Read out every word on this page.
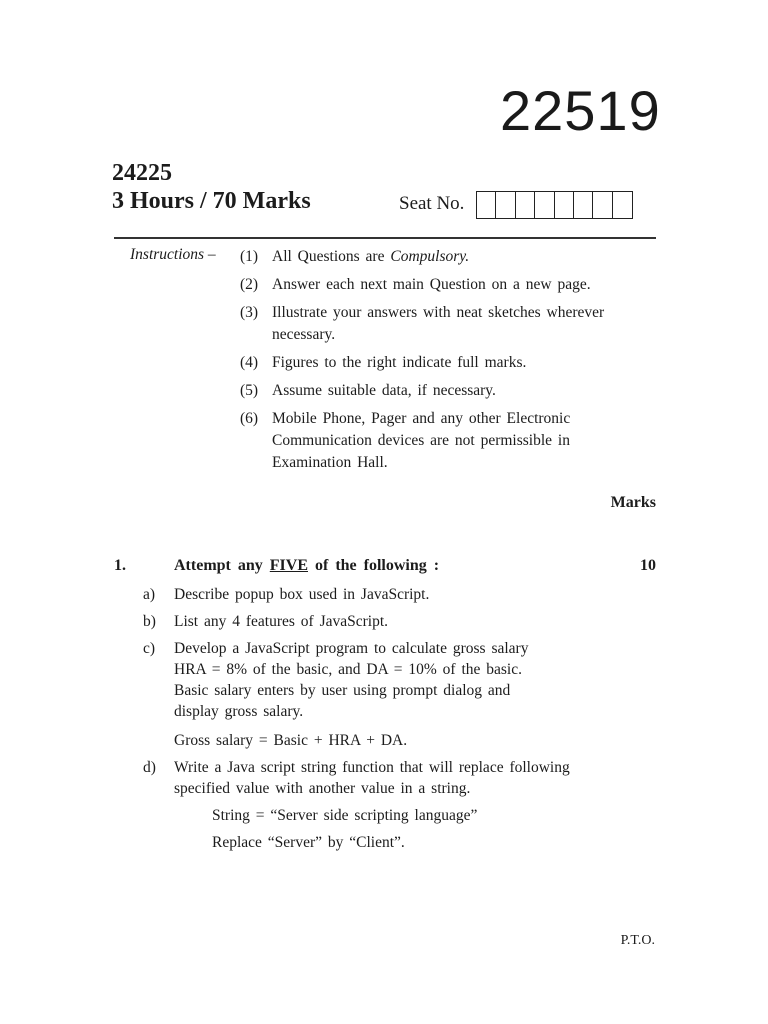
22519
24225
3 Hours / 70 Marks	Seat No.
Instructions – (1) All Questions are Compulsory.
(2) Answer each next main Question on a new page.
(3) Illustrate your answers with neat sketches wherever necessary.
(4) Figures to the right indicate full marks.
(5) Assume suitable data, if necessary.
(6) Mobile Phone, Pager and any other Electronic Communication devices are not permissible in Examination Hall.
Marks
1.	Attempt any FIVE of the following :	10
a)	Describe popup box used in JavaScript.
b)	List any 4 features of JavaScript.
c)	Develop a JavaScript program to calculate gross salary
HRA = 8% of the basic, and DA = 10% of the basic.
Basic salary enters by user using prompt dialog and
display gross salary.
Gross salary = Basic + HRA + DA.
d)	Write a Java script string function that will replace following
specified value with another value in a string.
String = “Server side scripting language”
Replace “Server” by “Client”.
P.T.O.
